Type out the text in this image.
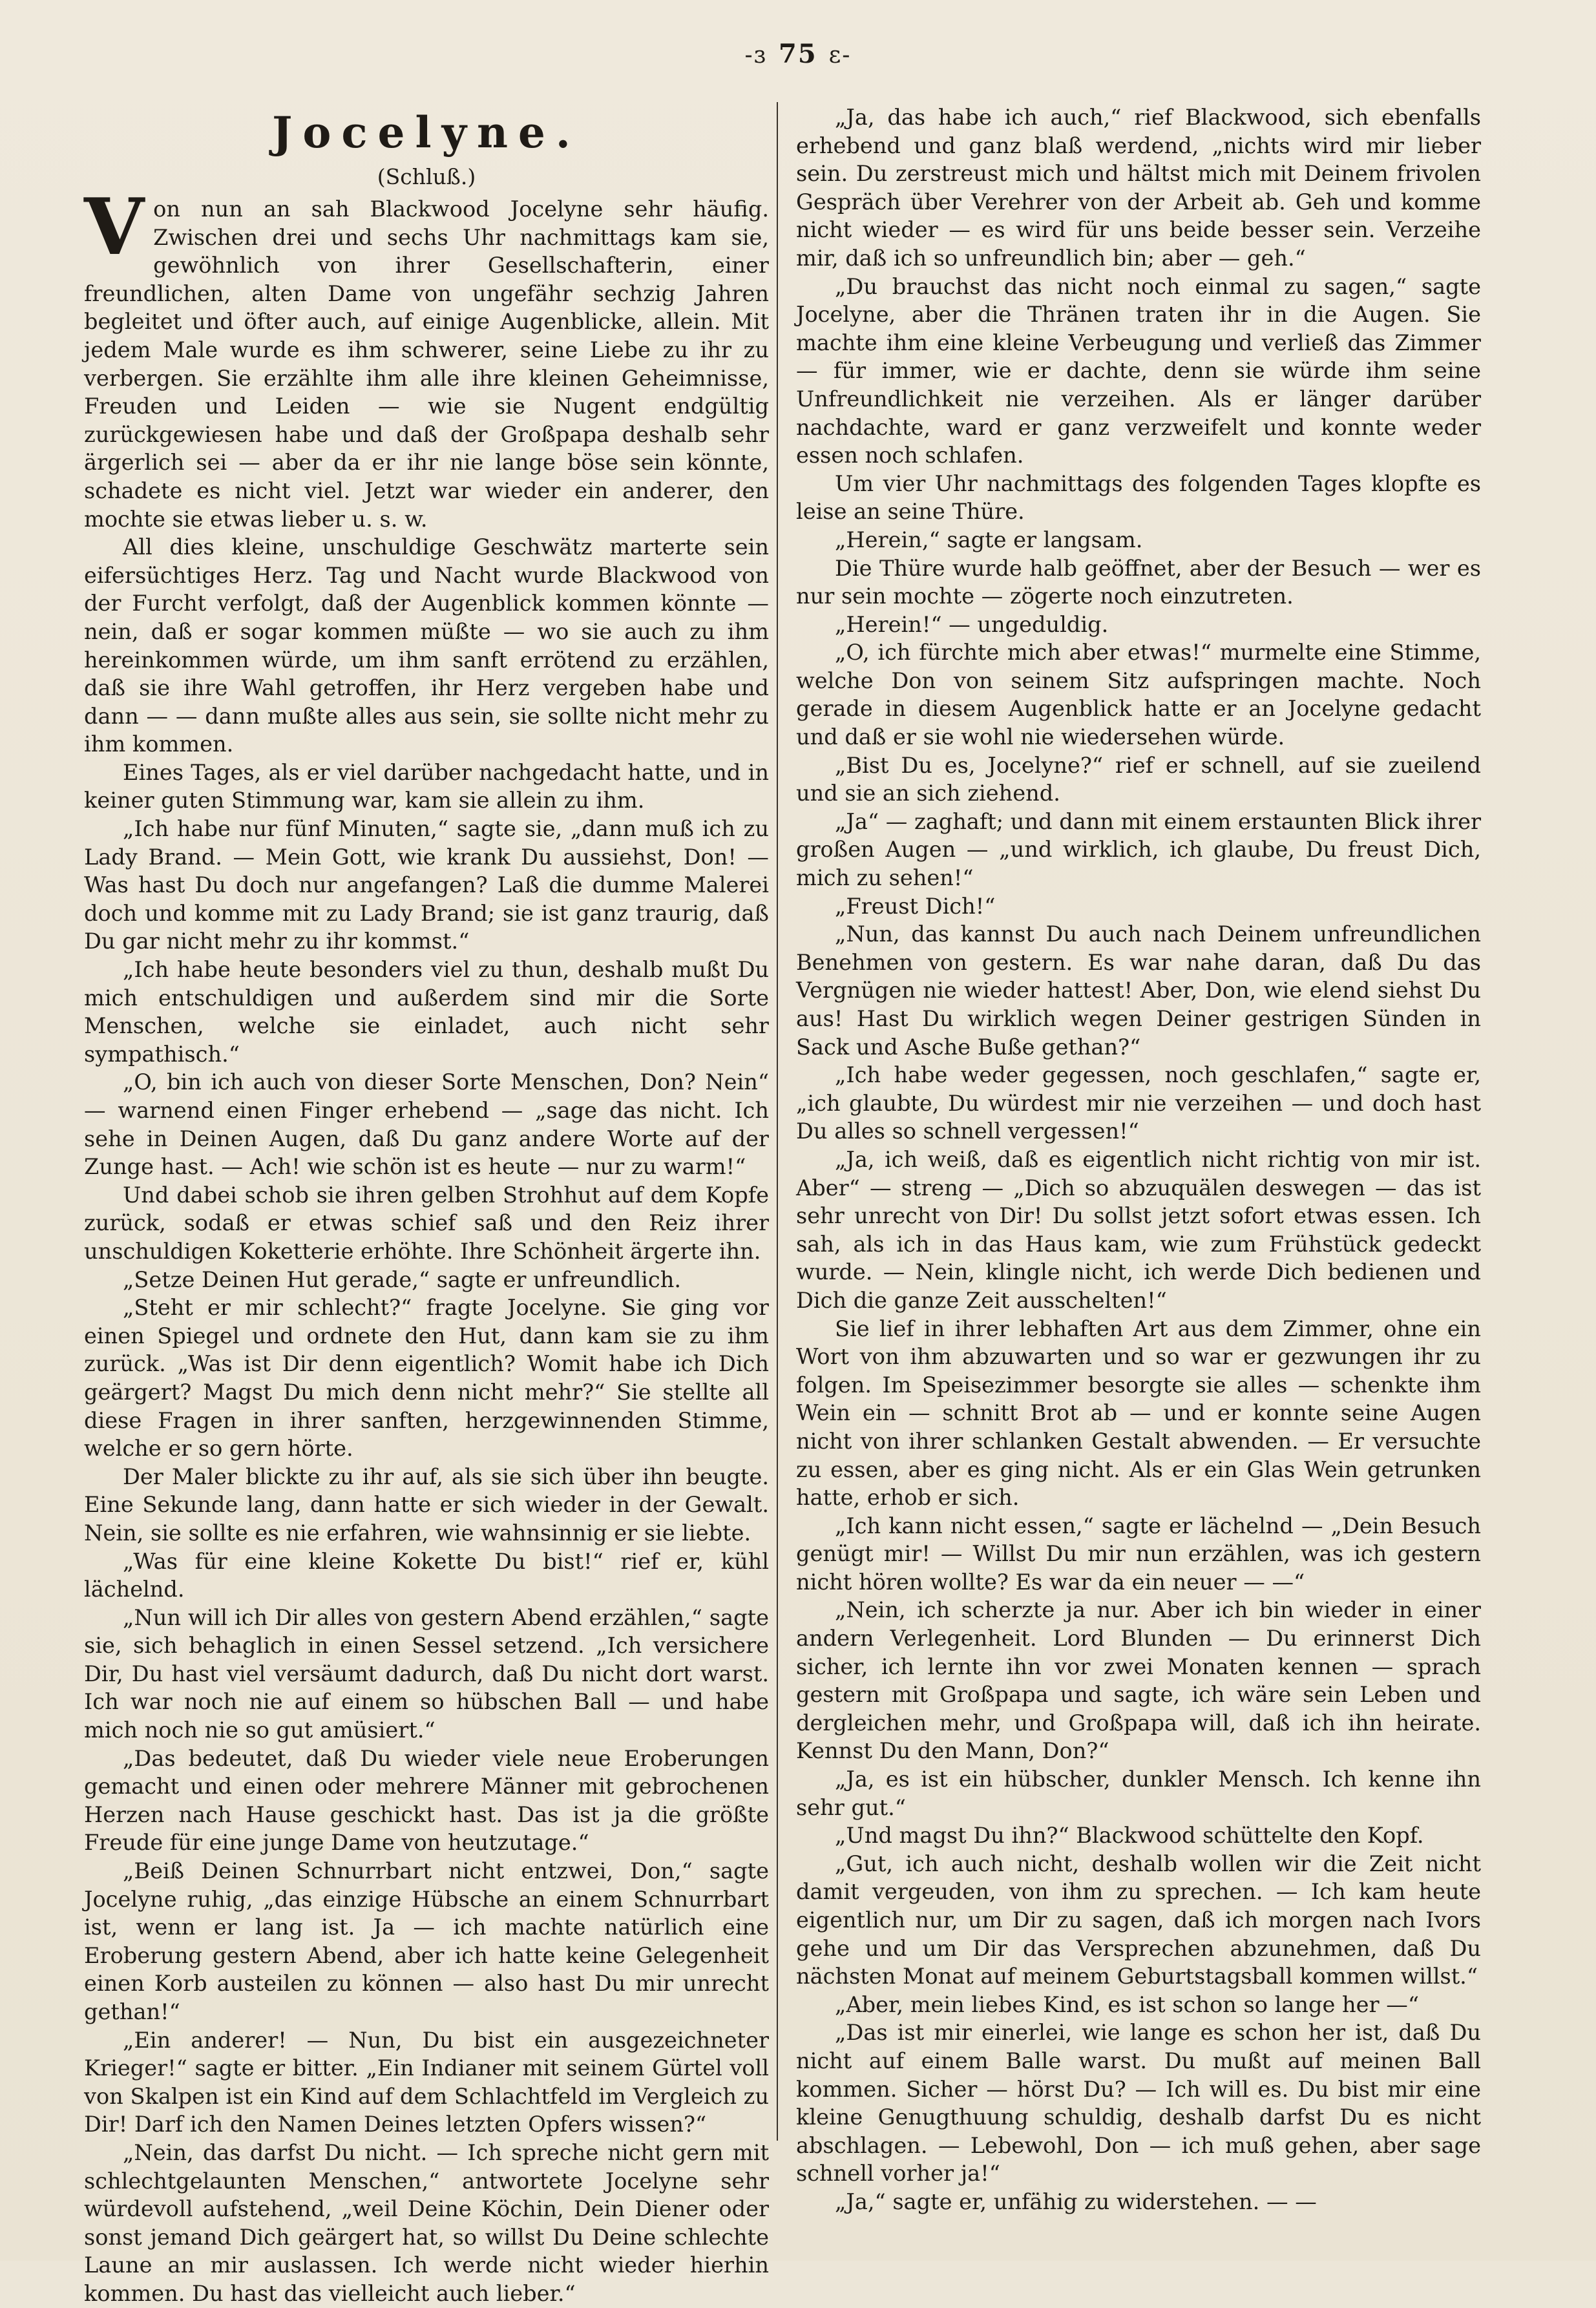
-ɜ 75 ɛ-
Jocelyne.
(Schluß.)

Von nun an sah Blackwood Jocelyne sehr häufig. Zwischen drei und sechs Uhr nachmittags kam sie, gewöhnlich von ihrer Gesellschafterin, einer freundlichen, alten Dame von ungefähr sechzig Jahren begleitet und öfter auch, auf einige Augenblicke, allein. Mit jedem Male wurde es ihm schwerer, seine Liebe zu ihr zu verbergen. Sie erzählte ihm alle ihre kleinen Geheimnisse, Freuden und Leiden — wie sie Nugent endgültig zurückgewiesen habe und daß der Großpapa deshalb sehr ärgerlich sei — aber da er ihr nie lange böse sein könnte, schadete es nicht viel. Jetzt war wieder ein anderer, den mochte sie etwas lieber u. s. w.

All dies kleine, unschuldige Geschwätz marterte sein eifersüchtiges Herz. Tag und Nacht wurde Blackwood von der Furcht verfolgt, daß der Augenblick kommen könnte — nein, daß er sogar kommen müßte — wo sie auch zu ihm hereinkommen würde, um ihm sanft errötend zu erzählen, daß sie ihre Wahl getroffen, ihr Herz vergeben habe und dann — — dann mußte alles aus sein, sie sollte nicht mehr zu ihm kommen.

Eines Tages, als er viel darüber nachgedacht hatte, und in keiner guten Stimmung war, kam sie allein zu ihm.

„Ich habe nur fünf Minuten,“ sagte sie, „dann muß ich zu Lady Brand. — Mein Gott, wie krank Du aussiehst, Don! — Was hast Du doch nur angefangen? Laß die dumme Malerei doch und komme mit zu Lady Brand; sie ist ganz traurig, daß Du gar nicht mehr zu ihr kommst.“

„Ich habe heute besonders viel zu thun, deshalb mußt Du mich entschuldigen und außerdem sind mir die Sorte Menschen, welche sie einladet, auch nicht sehr sympathisch.“

„O, bin ich auch von dieser Sorte Menschen, Don? Nein“ — warnend einen Finger erhebend — „sage das nicht. Ich sehe in Deinen Augen, daß Du ganz andere Worte auf der Zunge hast. — Ach! wie schön ist es heute — nur zu warm!“

Und dabei schob sie ihren gelben Strohhut auf dem Kopfe zurück, sodaß er etwas schief saß und den Reiz ihrer unschuldigen Koketterie erhöhte. Ihre Schönheit ärgerte ihn.

„Setze Deinen Hut gerade,“ sagte er unfreundlich.

„Steht er mir schlecht?“ fragte Jocelyne. Sie ging vor einen Spiegel und ordnete den Hut, dann kam sie zu ihm zurück. „Was ist Dir denn eigentlich? Womit habe ich Dich geärgert? Magst Du mich denn nicht mehr?“ Sie stellte all diese Fragen in ihrer sanften, herzgewinnenden Stimme, welche er so gern hörte.

Der Maler blickte zu ihr auf, als sie sich über ihn beugte. Eine Sekunde lang, dann hatte er sich wieder in der Gewalt. Nein, sie sollte es nie erfahren, wie wahnsinnig er sie liebte.

„Was für eine kleine Kokette Du bist!“ rief er, kühl lächelnd.

„Nun will ich Dir alles von gestern Abend erzählen,“ sagte sie, sich behaglich in einen Sessel setzend. „Ich versichere Dir, Du hast viel versäumt dadurch, daß Du nicht dort warst. Ich war noch nie auf einem so hübschen Ball — und habe mich noch nie so gut amüsiert.“

„Das bedeutet, daß Du wieder viele neue Eroberungen gemacht und einen oder mehrere Männer mit gebrochenen Herzen nach Hause geschickt hast. Das ist ja die größte Freude für eine junge Dame von heutzutage.“

„Beiß Deinen Schnurrbart nicht entzwei, Don,“ sagte Jocelyne ruhig, „das einzige Hübsche an einem Schnurrbart ist, wenn er lang ist. Ja — ich machte natürlich eine Eroberung gestern Abend, aber ich hatte keine Gelegenheit einen Korb austeilen zu können — also hast Du mir unrecht gethan!“

„Ein anderer! — Nun, Du bist ein ausgezeichneter Krieger!“ sagte er bitter. „Ein Indianer mit seinem Gürtel voll von Skalpen ist ein Kind auf dem Schlachtfeld im Vergleich zu Dir! Darf ich den Namen Deines letzten Opfers wissen?“

„Nein, das darfst Du nicht. — Ich spreche nicht gern mit schlechtgelaunten Menschen,“ antwortete Jocelyne sehr würdevoll aufstehend, „weil Deine Köchin, Dein Diener oder sonst jemand Dich geärgert hat, so willst Du Deine schlechte Laune an mir auslassen. Ich werde nicht wieder hierhin kommen. Du hast das vielleicht auch lieber.“

„Ja, das habe ich auch,“ rief Blackwood, sich ebenfalls erhebend und ganz blaß werdend, „nichts wird mir lieber sein. Du zerstreust mich und hältst mich mit Deinem frivolen Gespräch über Verehrer von der Arbeit ab. Geh und komme nicht wieder — es wird für uns beide besser sein. Verzeihe mir, daß ich so unfreundlich bin; aber — geh.“

„Du brauchst das nicht noch einmal zu sagen,“ sagte Jocelyne, aber die Thränen traten ihr in die Augen. Sie machte ihm eine kleine Verbeugung und verließ das Zimmer — für immer, wie er dachte, denn sie würde ihm seine Unfreundlichkeit nie verzeihen. Als er länger darüber nachdachte, ward er ganz verzweifelt und konnte weder essen noch schlafen.

Um vier Uhr nachmittags des folgenden Tages klopfte es leise an seine Thüre.

„Herein,“ sagte er langsam.

Die Thüre wurde halb geöffnet, aber der Besuch — wer es nur sein mochte — zögerte noch einzutreten.

„Herein!“ — ungeduldig.

„O, ich fürchte mich aber etwas!“ murmelte eine Stimme, welche Don von seinem Sitz aufspringen machte. Noch gerade in diesem Augenblick hatte er an Jocelyne gedacht und daß er sie wohl nie wiedersehen würde.

„Bist Du es, Jocelyne?“ rief er schnell, auf sie zueilend und sie an sich ziehend.

„Ja“ — zaghaft; und dann mit einem erstaunten Blick ihrer großen Augen — „und wirklich, ich glaube, Du freust Dich, mich zu sehen!“

„Freust Dich!“

„Nun, das kannst Du auch nach Deinem unfreundlichen Benehmen von gestern. Es war nahe daran, daß Du das Vergnügen nie wieder hattest! Aber, Don, wie elend siehst Du aus! Hast Du wirklich wegen Deiner gestrigen Sünden in Sack und Asche Buße gethan?“

„Ich habe weder gegessen, noch geschlafen,“ sagte er, „ich glaubte, Du würdest mir nie verzeihen — und doch hast Du alles so schnell vergessen!“

„Ja, ich weiß, daß es eigentlich nicht richtig von mir ist. Aber“ — streng — „Dich so abzuquälen deswegen — das ist sehr unrecht von Dir! Du sollst jetzt sofort etwas essen. Ich sah, als ich in das Haus kam, wie zum Frühstück gedeckt wurde. — Nein, klingle nicht, ich werde Dich bedienen und Dich die ganze Zeit ausschelten!“

Sie lief in ihrer lebhaften Art aus dem Zimmer, ohne ein Wort von ihm abzuwarten und so war er gezwungen ihr zu folgen. Im Speisezimmer besorgte sie alles — schenkte ihm Wein ein — schnitt Brot ab — und er konnte seine Augen nicht von ihrer schlanken Gestalt abwenden. — Er versuchte zu essen, aber es ging nicht. Als er ein Glas Wein getrunken hatte, erhob er sich.

„Ich kann nicht essen,“ sagte er lächelnd — „Dein Besuch genügt mir! — Willst Du mir nun erzählen, was ich gestern nicht hören wollte? Es war da ein neuer — —“

„Nein, ich scherzte ja nur. Aber ich bin wieder in einer andern Verlegenheit. Lord Blunden — Du erinnerst Dich sicher, ich lernte ihn vor zwei Monaten kennen — sprach gestern mit Großpapa und sagte, ich wäre sein Leben und dergleichen mehr, und Großpapa will, daß ich ihn heirate. Kennst Du den Mann, Don?“

„Ja, es ist ein hübscher, dunkler Mensch. Ich kenne ihn sehr gut.“

„Und magst Du ihn?“ Blackwood schüttelte den Kopf.

„Gut, ich auch nicht, deshalb wollen wir die Zeit nicht damit vergeuden, von ihm zu sprechen. — Ich kam heute eigentlich nur, um Dir zu sagen, daß ich morgen nach Ivors gehe und um Dir das Versprechen abzunehmen, daß Du nächsten Monat auf meinem Geburtstagsball kommen willst.“

„Aber, mein liebes Kind, es ist schon so lange her —“

„Das ist mir einerlei, wie lange es schon her ist, daß Du nicht auf einem Balle warst. Du mußt auf meinen Ball kommen. Sicher — hörst Du? — Ich will es. Du bist mir eine kleine Genugthuung schuldig, deshalb darfst Du es nicht abschlagen. — Lebewohl, Don — ich muß gehen, aber sage schnell vorher ja!“

„Ja,“ sagte er, unfähig zu widerstehen. — —
